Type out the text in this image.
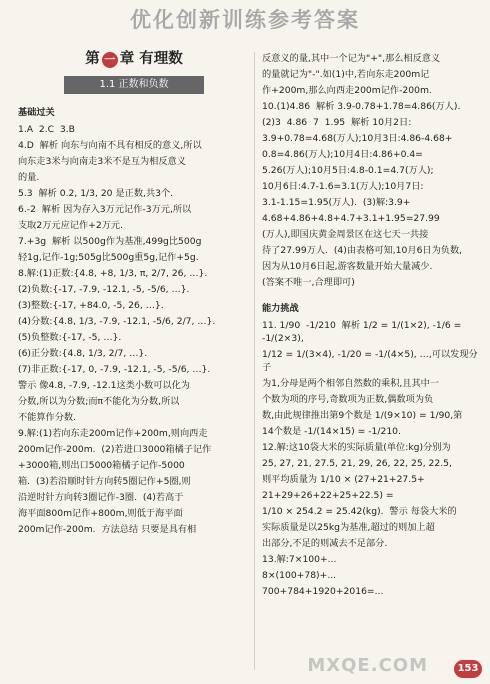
优化创新训练参考答案
第 一 章 有理数
1.1 正数和负数
基础过关
1.A  2.C  3.B
4.D  解析 向东与向南不具有相反的意义,所以
向东走3米与向南走3米不是互为相反意义
的量.
5.3  解析 0.2, 1/3, 20 是正数,共3个.
6.-2  解析 因为存入3万元记作-3万元,所以
支取2万元应记作+2万元.
7.+3g  解析 以500g作为基准,499g比500g
轻1g,记作-1g;505g比500g重5g,记作+5g.
8.解:(1)正数:{4.8, +8, 1/3, π, 2/7, 26, …}.
(2)负数:{-17, -7.9, -12.1, -5, -5/6, …}.
(3)整数:{-17, +84.0, -5, 26, …}.
(4)分数:{4.8, 1/3, -7.9, -12.1, -5/6, 2/7, …}.
(5)负整数:{-17, -5, …}.
(6)正分数:{4.8, 1/3, 2/7, …}.
(7)非正数:{-17, 0, -7.9, -12.1, -5, -5/6, …}.
警示 像4.8, -7.9, -12.1这类小数可以化为
分数,所以为分数;而π不能化为分数,所以
不能算作分数.
9.解:(1)若向东走200m记作+200m,则向西走
200m记作-200m.  (2)若进口3000箱橘子记作
+3000箱,则出口5000箱橘子记作-5000
箱.  (3)若沿顺时针方向转5圈记作+5圈,则
沿逆时针方向转3圈记作-3圈.  (4)若高于
海平面800m记作+800m,则低于海平面
200m记作-200m.  方法总结 只要是具有相
反意义的量,其中一个记为"+",那么相反意义
的量就记为"-".如(1)中,若向东走200m记
作+200m,那么向西走200m记作-200m.
10.(1)4.86  解析 3.9-0.78+1.78=4.86(万人).
(2)3  4.86  7  1.95  解析 10月2日:
3.9+0.78=4.68(万人);10月3日:4.86-4.68+
0.8=4.86(万人);10月4日:4.86+0.4=
5.26(万人);10月5日:4.8-0.1=4.7(万人);
10月6日:4.7-1.6=3.1(万人);10月7日:
3.1-1.15=1.95(万人).  (3)解:3.9+
4.68+4.86+4.8+4.7+3.1+1.95=27.99
(万人),即国庆黄金周景区在这七天一共接
待了27.99万人.  (4)由表格可知,10月6日为负数,
因为从10月6日起,游客数量开始大量减少.
(答案不唯一,合理即可)
能力挑战
11. 1/90  -1/210  解析 1/2 = 1/(1×2), -1/6 = -1/(2×3),
1/12 = 1/(3×4), -1/20 = -1/(4×5), …,可以发现分子
为1,分母是两个相邻自然数的乘积,且其中一
个数为项的序号,奇数项为正数,偶数项为负
数,由此规律推出第9个数是 1/(9×10) = 1/90,第
14个数是 -1/(14×15) = -1/210.
12.解:这10袋大米的实际质量(单位:kg)分别为
25, 27, 21, 27.5, 21, 29, 26, 22, 25, 22.5,
则平均质量为 1/10 × (27+21+27.5+
21+29+26+22+25+22.5) =
1/10 × 254.2 = 25.42(kg).  警示 每袋大米的
实际质量是以25kg为基准,超过的则加上超
出部分,不足的则减去不足部分.
13.解:7×100+...
8×(100+78)+...
700+784+1920+2016=...
MXQE.COM	153
